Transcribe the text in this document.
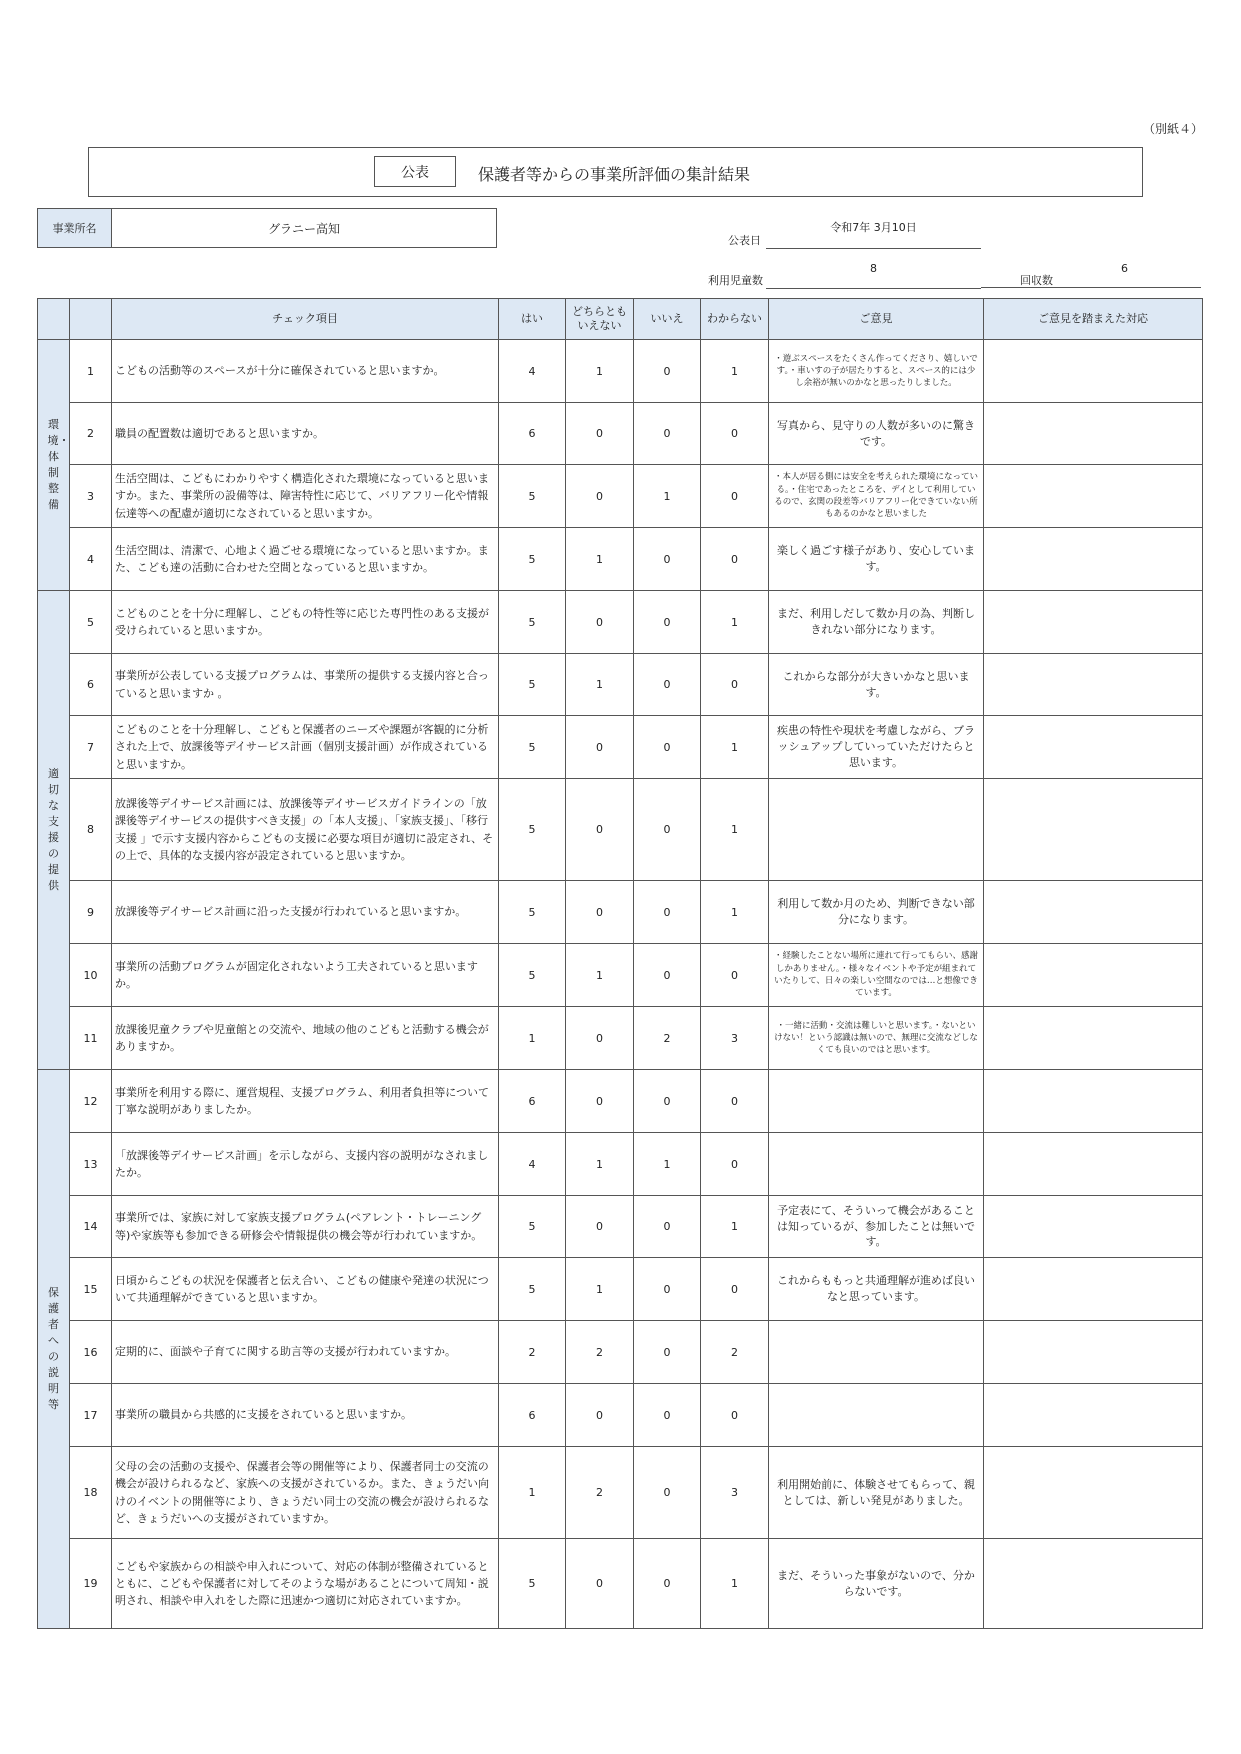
（別紙４）
公表	保護者等からの事業所評価の集計結果
事業所名	グラニー高知
公表日
令和7年 3月10日
利用児童数
8
回収数
6
		チェック項目	はい	どちらとも いえない	いいえ	わからない	ご意見	ご意見を踏まえた対応
環境・体制整備	1	こどもの活動等のスペースが十分に確保されていると思いますか。	4	1	0	1	・遊ぶスペースをたくさん作ってくださり、嬉しいです。・車いすの子が居たりすると、スペース的には少し余裕が無いのかなと思ったりしました。	
	2	職員の配置数は適切であると思いますか。	6	0	0	0	写真から、見守りの人数が多いのに驚きです。	
	3	生活空間は、こどもにわかりやすく構造化された環境になっていると思いますか。また、事業所の設備等は、障害特性に応じて、バリアフリー化や情報伝達等への配慮が適切になされていると思いますか。	5	0	1	0	・本人が居る側には安全を考えられた環境になっている。・住宅であったところを、デイとして利用しているので、玄関の段差等バリアフリー化できていない所もあるのかなと思いました	
	4	生活空間は、清潔で、心地よく過ごせる環境になっていると思いますか。また、こども達の活動に合わせた空間となっていると思いますか。	5	1	0	0	楽しく過ごす様子があり、安心しています。	
適切な支援の提供	5	こどものことを十分に理解し、こどもの特性等に応じた専門性のある支援が受けられていると思いますか。	5	0	0	1	まだ、利用しだして数か月の為、判断しきれない部分になります。	
	6	事業所が公表している支援プログラムは、事業所の提供する支援内容と合っていると思いますか 。	5	1	0	0	これからな部分が大きいかなと思います。	
	7	こどものことを十分理解し、こどもと保護者のニーズや課題が客観的に分析された上で、放課後等デイサービス計画（個別支援計画）が作成されていると思いますか。	5	0	0	1	疾患の特性や現状を考慮しながら、ブラッシュアップしていっていただけたらと思います。	
	8	放課後等デイサービス計画には、放課後等デイサービスガイドラインの「放課後等デイサービスの提供すべき支援」の「本人支援」、「家族支援」、「移行支援 」で示す支援内容からこどもの支援に必要な項目が適切に設定され、その上で、具体的な支援内容が設定されていると思いますか。	5	0	0	1		
	9	放課後等デイサービス計画に沿った支援が行われていると思いますか。	5	0	0	1	利用して数か月のため、判断できない部分になります。	
	10	事業所の活動プログラムが固定化されないよう工夫されていると思いますか。	5	1	0	0	・経験したことない場所に連れて行ってもらい、感謝しかありません。・様々なイベントや予定が組まれていたりして、日々の楽しい空間なのでは…と想像できています。	
	11	放課後児童クラブや児童館との交流や、地域の他のこどもと活動する機会がありますか。	1	0	2	3	・一緒に活動・交流は難しいと思います。・ないといけない！という認識は無いので、無理に交流などしなくても良いのではと思います。	
保護者への説明等	12	事業所を利用する際に、運営規程、支援プログラム、利用者負担等について丁寧な説明がありましたか。	6	0	0	0		
	13	「放課後等デイサービス計画」を示しながら、支援内容の説明がなされましたか。	4	1	1	0		
	14	事業所では、家族に対して家族支援プログラム(ペアレント・トレーニング等)や家族等も参加できる研修会や情報提供の機会等が行われていますか。	5	0	0	1	予定表にて、そういって機会があることは知っているが、参加したことは無いです。	
	15	日頃からこどもの状況を保護者と伝え合い、こどもの健康や発達の状況について共通理解ができていると思いますか。	5	1	0	0	これからももっと共通理解が進めば良いなと思っています。	
	16	定期的に、面談や子育てに関する助言等の支援が行われていますか。	2	2	0	2		
	17	事業所の職員から共感的に支援をされていると思いますか。	6	0	0	0		
	18	父母の会の活動の支援や、保護者会等の開催等により、保護者同士の交流の機会が設けられるなど、家族への支援がされているか。また、きょうだい向けのイベントの開催等により、きょうだい同士の交流の機会が設けられるなど、きょうだいへの支援がされていますか。	1	2	0	3	利用開始前に、体験させてもらって、親としては、新しい発見がありました。	
	19	こどもや家族からの相談や申入れについて、対応の体制が整備されているとともに、こどもや保護者に対してそのような場があることについて周知・説明され、相談や申入れをした際に迅速かつ適切に対応されていますか。	5	0	0	1	まだ、そういった事象がないので、分からないです。	
